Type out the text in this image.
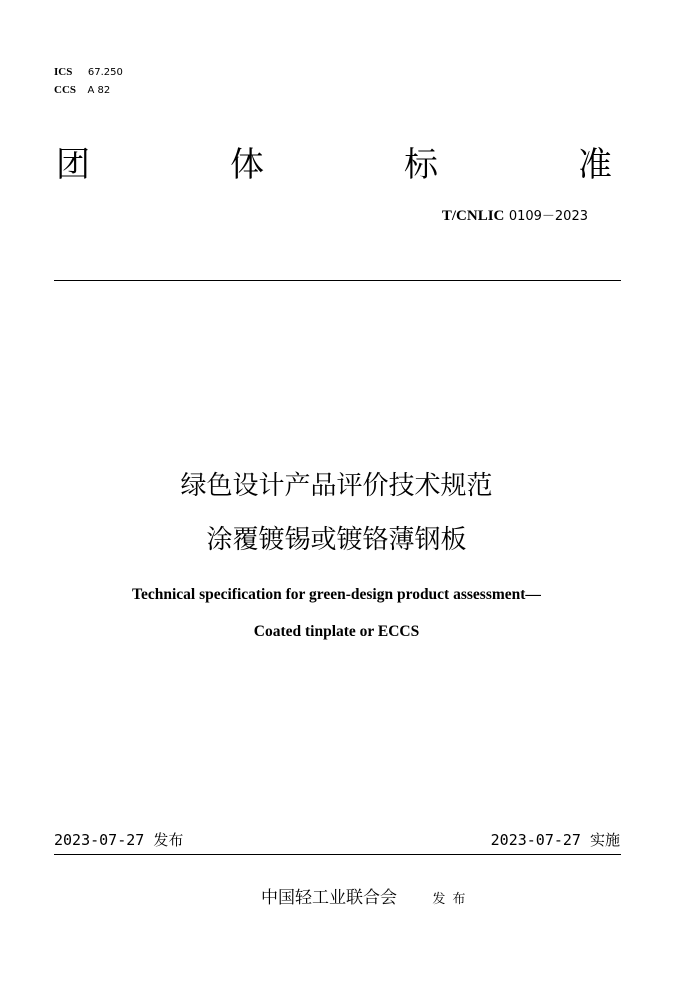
ICS 67.250
CCS A 82
团	体	标	准
T/CNLIC 0109－2023
绿色设计产品评价技术规范
涂覆镀锡或镀铬薄钢板
Technical specification for green-design product assessment—
Coated tinplate or ECCS
2023-07-27 发布	2023-07-27 实施
中国轻工业联合会	发布
